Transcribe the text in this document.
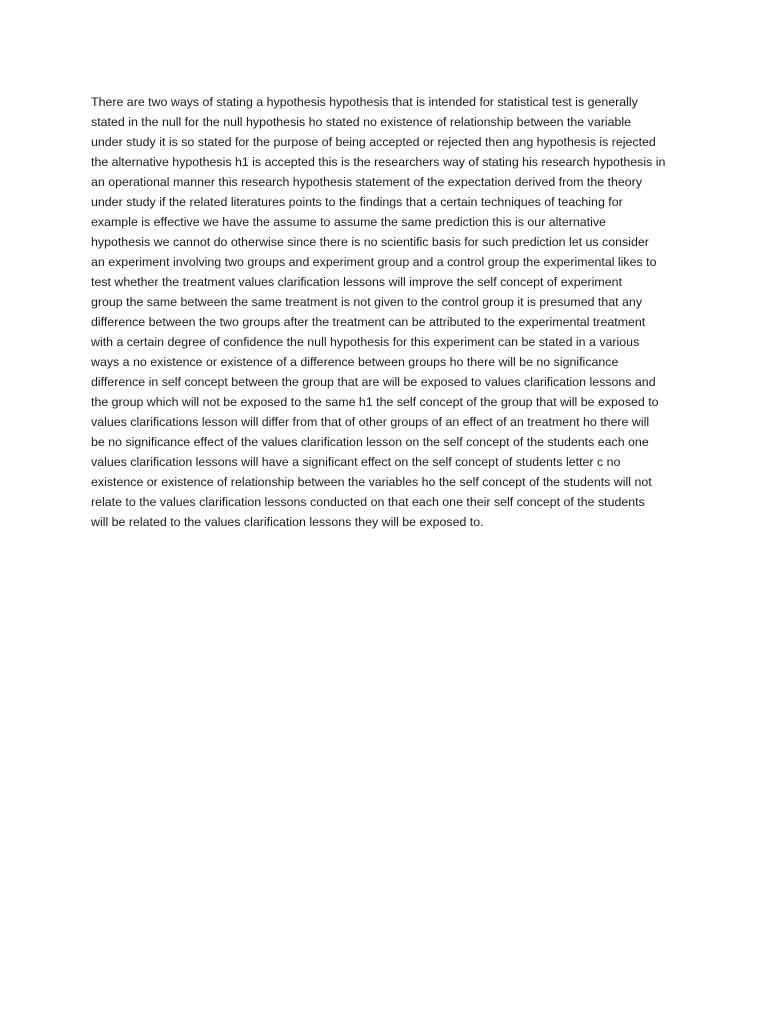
There are two ways of stating a hypothesis hypothesis that is intended for statistical test is generally
stated in the null for the null hypothesis ho stated no existence of relationship between the variable
under study it is so stated for the purpose of being accepted or rejected then ang hypothesis is rejected
the alternative hypothesis h1 is accepted this is the researchers way of stating his research hypothesis in
an operational manner this research hypothesis statement of the expectation derived from the theory
under study if the related literatures points to the findings that a certain techniques of teaching for
example is effective we have the assume to assume the same prediction this is our alternative
hypothesis we cannot do otherwise since there is no scientific basis for such prediction let us consider
an experiment involving two groups and experiment group and a control group the experimental likes to
test whether the treatment values clarification lessons will improve the self concept of experiment
group the same between the same treatment is not given to the control group it is presumed that any
difference between the two groups after the treatment can be attributed to the experimental treatment
with a certain degree of confidence the null hypothesis for this experiment can be stated in a various
ways a no existence or existence of a difference between groups ho there will be no significance
difference in self concept between the group that are will be exposed to values clarification lessons and
the group which will not be exposed to the same h1 the self concept of the group that will be exposed to
values clarifications lesson will differ from that of other groups of an effect of an treatment ho there will
be no significance effect of the values clarification lesson on the self concept of the students each one
values clarification lessons will have a significant effect on the self concept of students letter c no
existence or existence of relationship between the variables ho the self concept of the students will not
relate to the values clarification lessons conducted on that each one their self concept of the students
will be related to the values clarification lessons they will be exposed to.
